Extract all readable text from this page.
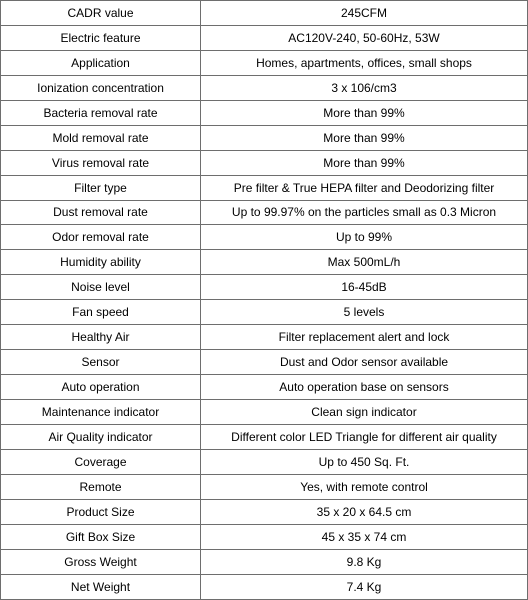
CADR value	245CFM
Electric feature	AC120V-240, 50-60Hz, 53W
Application	Homes, apartments, offices, small shops
Ionization concentration	3 x 106/cm3
Bacteria removal rate	More than 99%
Mold removal rate	More than 99%
Virus removal rate	More than 99%
Filter type	Pre filter & True HEPA filter and Deodorizing filter
Dust removal rate	Up to 99.97% on the particles small as 0.3 Micron
Odor removal rate	Up to 99%
Humidity ability	Max 500mL/h
Noise level	16-45dB
Fan speed	5 levels
Healthy Air	Filter replacement alert and lock
Sensor	Dust and Odor sensor available
Auto operation	Auto operation base on sensors
Maintenance indicator	Clean sign indicator
Air Quality indicator	Different color LED Triangle for different air quality
Coverage	Up to 450 Sq. Ft.
Remote	Yes, with remote control
Product Size	35 x 20 x 64.5 cm
Gift Box Size	45 x 35 x 74 cm
Gross Weight	9.8 Kg
Net Weight	7.4 Kg
